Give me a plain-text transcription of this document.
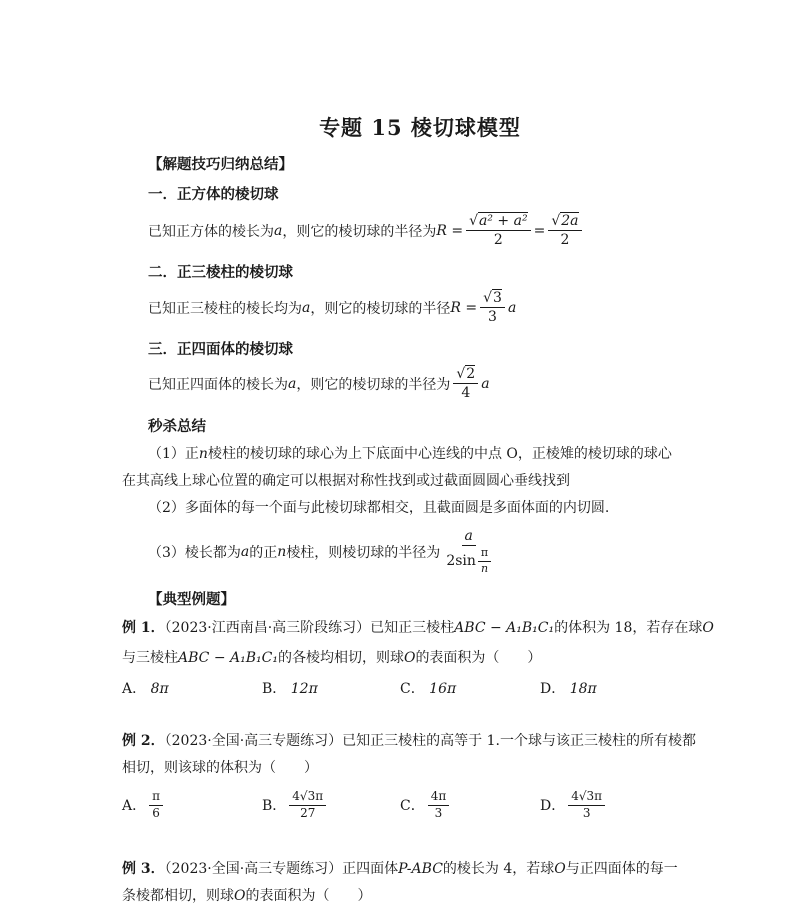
专题 15 棱切球模型
【解题技巧归纳总结】
一．正方体的棱切球
已知正方体的棱长为 a ，则它的棱切球的半径为 $R = \frac{\text{√a² + a²}}{2} = \frac{√2a}{2}$
二．正三棱柱的棱切球
已知正三棱柱的棱长均为 a ，则它的棱切球的半径 $R = \frac{√3}{3}$ a
三．正四面体的棱切球
已知正四面体的棱长为 a ，则它的棱切球的半径为 $\frac{√2}{4}$ a
秒杀总结
（1）正n棱柱的棱切球的球心为上下底面中心连线的中点 O，正棱雉的棱切球的球心
在其高线上球心位置的确定可以根据对称性找到或过截面圆圆心垂线找到
（2）多面体的每一个面与此棱切球都相交，且截面圆是多面体面的内切圆.
（3）棱长都为 a 的正 n 棱柱，则棱切球的半径为 $\frac{a}{2\sin \frac{\pi}{n}}$
【典型例题】
例 1．（2023·江西南昌·高三阶段练习）已知正三棱柱ABC − A₁B₁C₁的体积为 18，若存在球O
与三棱柱ABC − A₁B₁C₁的各棱均相切，则球O的表面积为（　　）
A． 8π	B． 12π	C． 16π	D． 18π
例 2．（2023·全国·高三专题练习）已知正三棱柱的高等于 1.一个球与该正三棱柱的所有棱都
相切，则该球的体积为（　　）
A． $\frac{\pi}{6}$	B． $\frac{4√3\pi}{27}$	C． $\frac{4\pi}{3}$	D． $\frac{4√3\pi}{3}$
例 3．（2023·全国·高三专题练习）正四面体P-ABC的棱长为 4，若球O与正四面体的每一
条棱都相切，则球O的表面积为（　　）
